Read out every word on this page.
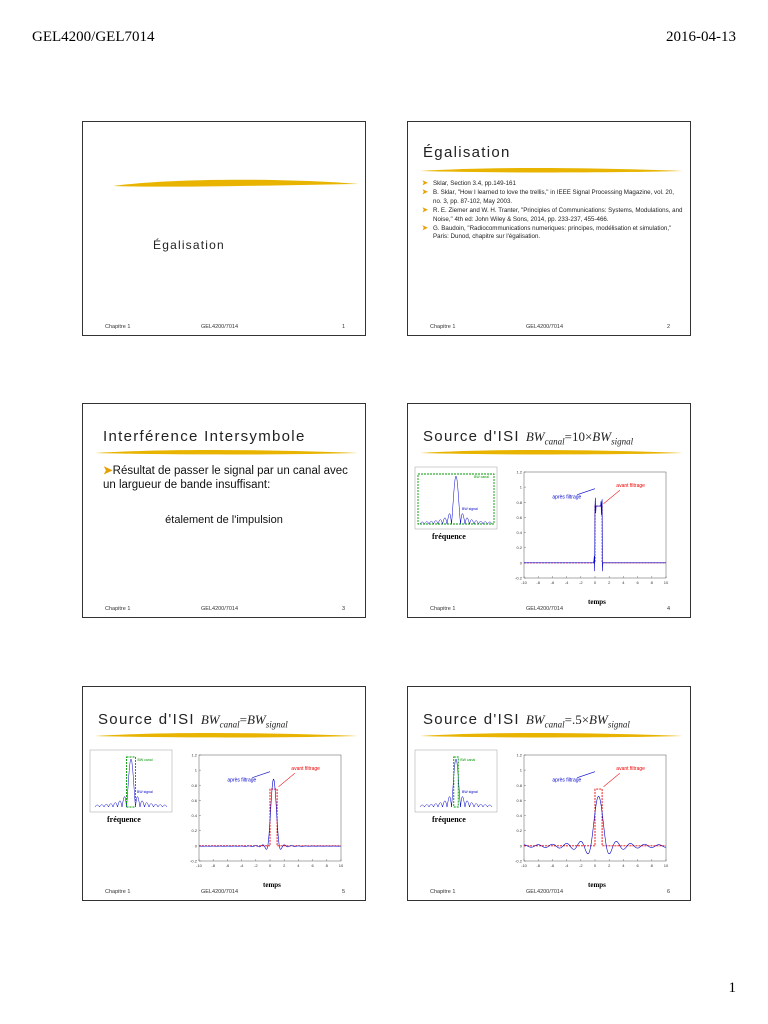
GEL4200/GEL7014	2016-04-13
Égalisation
Chapitre 1	GEL4200/7014	1
Égalisation
➤ Sklar, Section 3.4, pp.149-161
➤ B. Sklar, "How I learned to love the trellis," in IEEE Signal Processing Magazine, vol. 20, no. 3, pp. 87-102, May 2003.
➤ R. E. Ziemer and W. H. Tranter, "Principles of Communications: Systems, Modulations, and Noise," 4th ed: John Wiley & Sons, 2014, pp. 233-237, 455-466.
➤ G. Baudoin, "Radiocommunications numeriques: principes, modélisation et simulation," Paris: Dunod, chapitre sur l'égalisation.
Chapitre 1	GEL4200/7014	2
Interférence Intersymbole
➤Résultat de passer le signal par un canal avec un largueur de bande insuffisant:
étalement de l'impulsion
Chapitre 1	GEL4200/7014	3
Source d'ISI $BW_{canal}=10\times BW_{signal}$
BW canal
BW signal
fréquence
1.2
1
0.8
0.6
0.4
0.2
0
-0.2
-10 -8	-6	-4	-2	0	2	4	6	8	10
après filtrage
avant filtrage
temps
Chapitre 1	GEL4200/7014	4
Source d'ISI $BW_{canal}=BW_{signal}$
BW canal
BW signal
fréquence
1.2
1
0.8
0.6
0.4
0.2
0
-0.2
-10 -8	-6	-4	-2	0	2	4	6	8	10
après filtrage
avant filtrage
temps
Chapitre 1	GEL4200/7014	5
Source d'ISI $BW_{canal}=.5\times BW_{signal}$
BW canal
BW signal
fréquence
1.2
1
0.8
0.6
0.4
0.2
0
-0.2
-10 -8	-6	-4	-2	0	2	4	6	8	10
après filtrage
avant filtrage
temps
Chapitre 1	GEL4200/7014	6
1
